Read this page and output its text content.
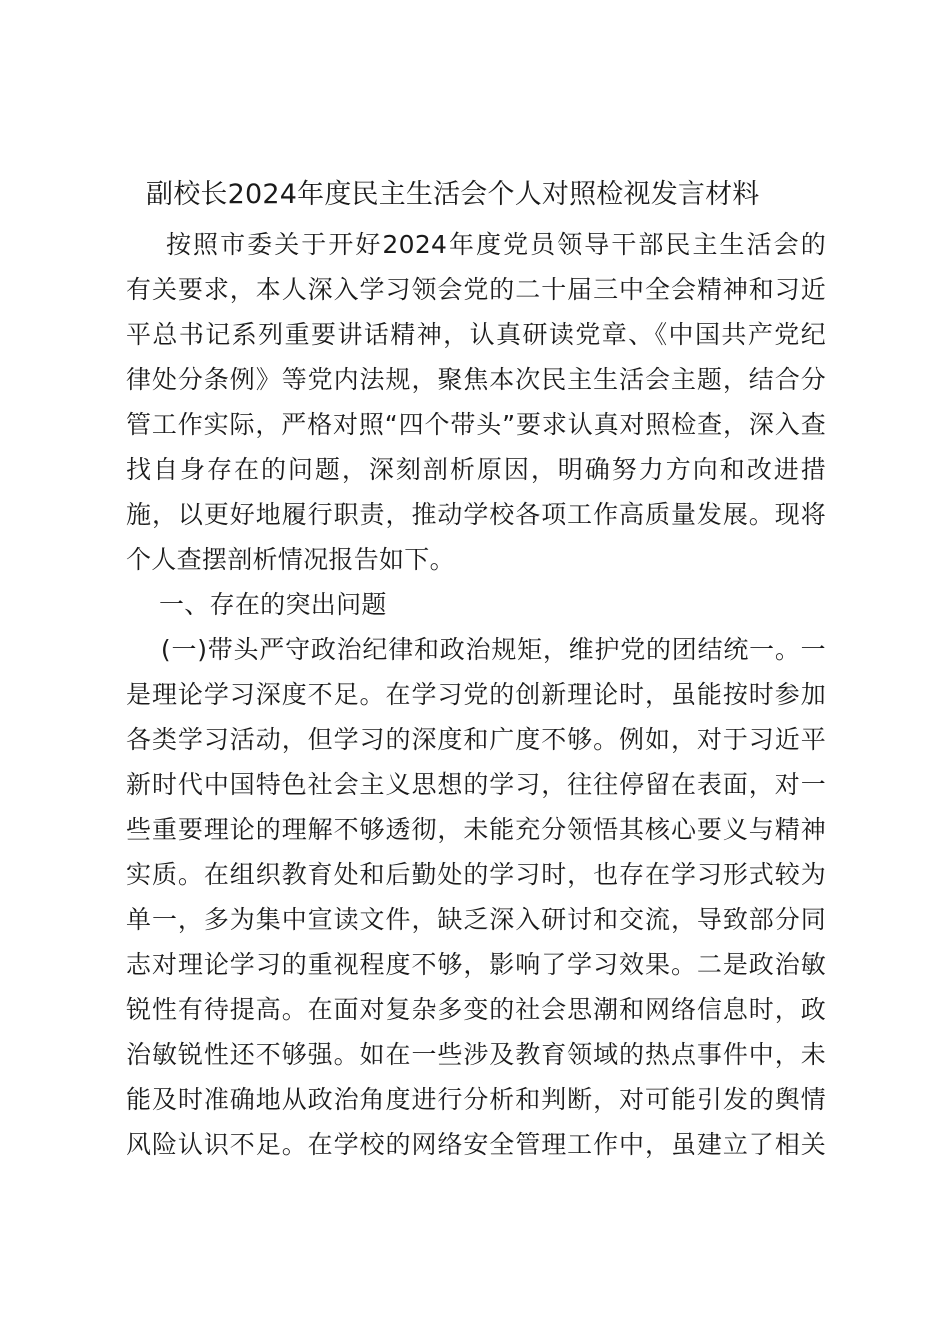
副校长2024年度民主生活会个人对照检视发言材料
按照市委关于开好2024年度党员领导干部民主生活会的
有关要求，本人深入学习领会党的二十届三中全会精神和习近
平总书记系列重要讲话精神，认真研读党章、《中国共产党纪
律处分条例》等党内法规，聚焦本次民主生活会主题，结合分
管工作实际，严格对照“四个带头”要求认真对照检查，深入查
找自身存在的问题，深刻剖析原因，明确努力方向和改进措
施，以更好地履行职责，推动学校各项工作高质量发展。现将
个人查摆剖析情况报告如下。
一、存在的突出问题
(一)带头严守政治纪律和政治规矩，维护党的团结统一。一
是理论学习深度不足。在学习党的创新理论时，虽能按时参加
各类学习活动，但学习的深度和广度不够。例如，对于习近平
新时代中国特色社会主义思想的学习，往往停留在表面，对一
些重要理论的理解不够透彻，未能充分领悟其核心要义与精神
实质。在组织教育处和后勤处的学习时，也存在学习形式较为
单一，多为集中宣读文件，缺乏深入研讨和交流，导致部分同
志对理论学习的重视程度不够，影响了学习效果。二是政治敏
锐性有待提高。在面对复杂多变的社会思潮和网络信息时，政
治敏锐性还不够强。如在一些涉及教育领域的热点事件中，未
能及时准确地从政治角度进行分析和判断，对可能引发的舆情
风险认识不足。在学校的网络安全管理工作中，虽建立了相关
